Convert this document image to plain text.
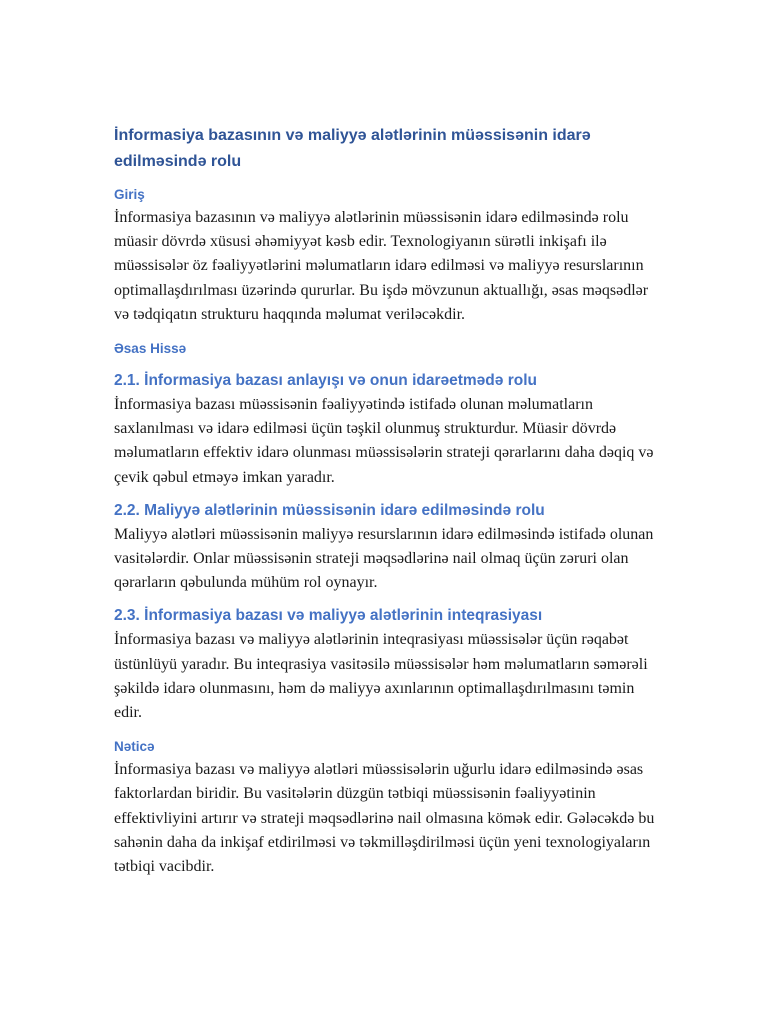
İnformasiya bazasının və maliyyə alətlərinin müəssisənin idarə edilməsində rolu
Giriş

İnformasiya bazasının və maliyyə alətlərinin müəssisənin idarə edilməsində rolu müasir dövrdə xüsusi əhəmiyyət kəsb edir. Texnologiyanın sürətli inkişafı ilə müəssisələr öz fəaliyyətlərini məlumatların idarə edilməsi və maliyyə resurslarının optimallaşdırılması üzərində qururlar. Bu işdə mövzunun aktuallığı, əsas məqsədlər və tədqiqatın strukturu haqqında məlumat veriləcəkdir.

Əsas Hissə
2.1. İnformasiya bazası anlayışı və onun idarəetmədə rolu

İnformasiya bazası müəssisənin fəaliyyətində istifadə olunan məlumatların saxlanılması və idarə edilməsi üçün təşkil olunmuş strukturdur. Müasir dövrdə məlumatların effektiv idarə olunması müəssisələrin strateji qərarlarını daha dəqiq və çevik qəbul etməyə imkan yaradır.

2.2. Maliyyə alətlərinin müəssisənin idarə edilməsində rolu

Maliyyə alətləri müəssisənin maliyyə resurslarının idarə edilməsində istifadə olunan vasitələrdir. Onlar müəssisənin strateji məqsədlərinə nail olmaq üçün zəruri olan qərarların qəbulunda mühüm rol oynayır.

2.3. İnformasiya bazası və maliyyə alətlərinin inteqrasiyası

İnformasiya bazası və maliyyə alətlərinin inteqrasiyası müəssisələr üçün rəqabət üstünlüyü yaradır. Bu inteqrasiya vasitəsilə müəssisələr həm məlumatların səmərəli şəkildə idarə olunmasını, həm də maliyyə axınlarının optimallaşdırılmasını təmin edir.

Nəticə

İnformasiya bazası və maliyyə alətləri müəssisələrin uğurlu idarə edilməsində əsas faktorlardan biridir. Bu vasitələrin düzgün tətbiqi müəssisənin fəaliyyətinin effektivliyini artırır və strateji məqsədlərinə nail olmasına kömək edir. Gələcəkdə bu sahənin daha da inkişaf etdirilməsi və təkmilləşdirilməsi üçün yeni texnologiyaların tətbiqi vacibdir.
